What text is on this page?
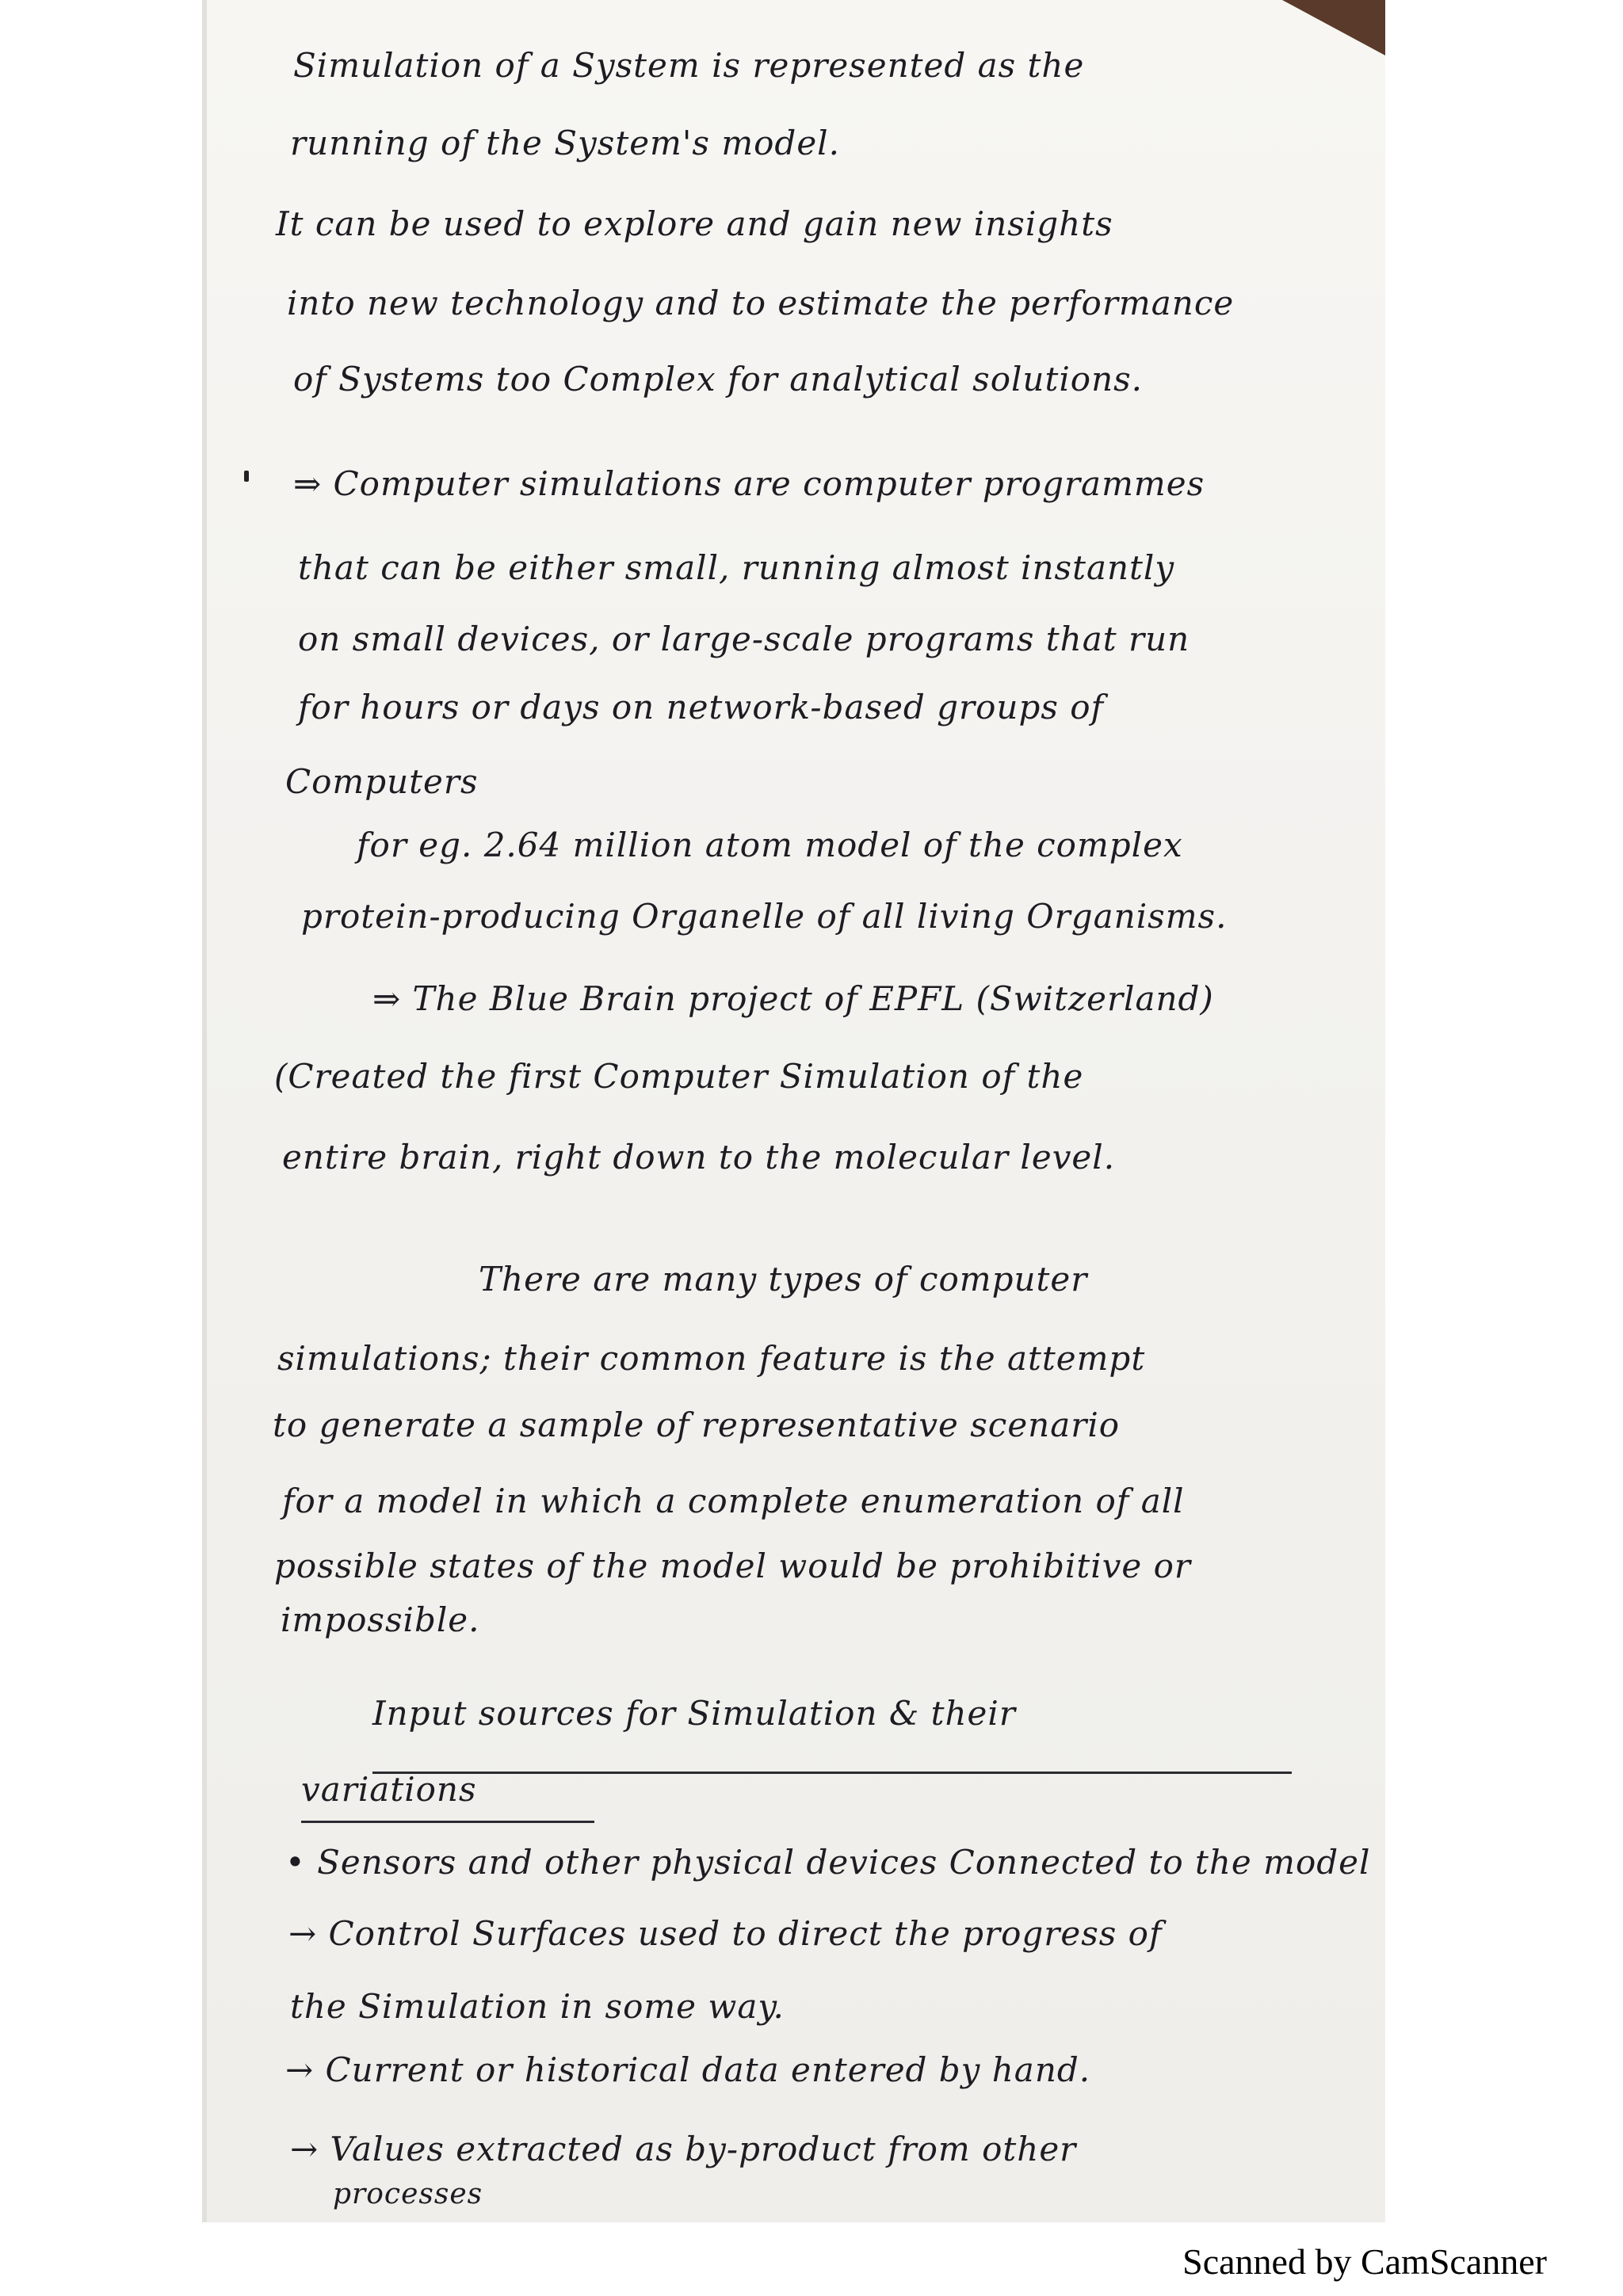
Simulation of a System is represented as the

running of the System's model.

It can be used to explore and gain new insights

into new technology and to estimate the performance

of Systems too Complex for analytical solutions.

⇒ Computer simulations are computer programmes

that can be either small, running almost instantly

on small devices, or large-scale programs that run

for hours or days on network-based groups of

Computers

for eg. 2.64 million atom model of the complex

protein-producing Organelle of all living Organisms.

⇒ The Blue Brain project of EPFL (Switzerland)

(Created the first Computer Simulation of the

entire brain, right down to the molecular level.

There are many types of computer

simulations; their common feature is the attempt

to generate a sample of representative scenario

for a model in which a complete enumeration of all

possible states of the model would be prohibitive or

impossible.

Input sources for Simulation & their

variations

• Sensors and other physical devices Connected to the model

→ Control Surfaces used to direct the progress of

the Simulation in some way.

→ Current or historical data entered by hand.

→ Values extracted as by-product from other

processes

Scanned by CamScanner
